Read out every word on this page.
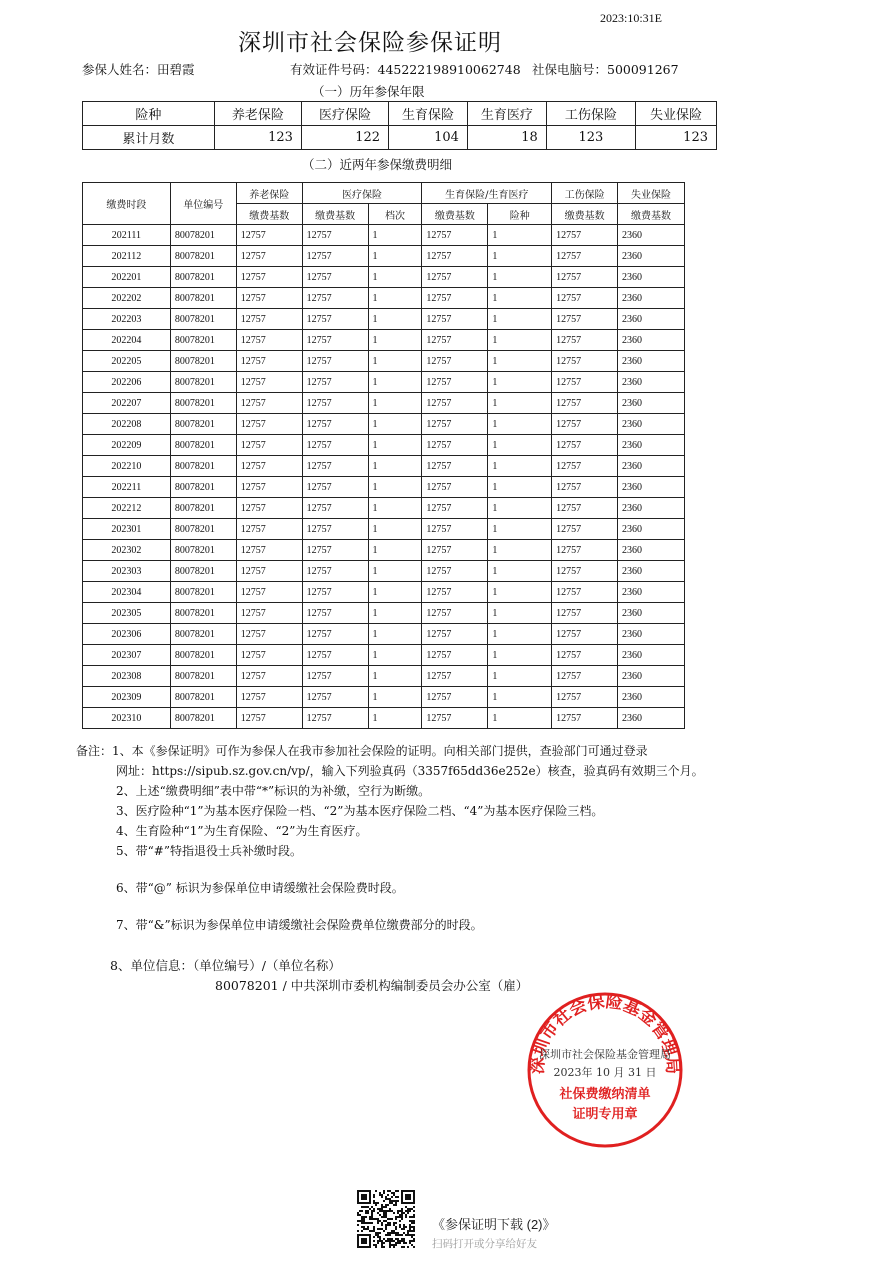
2023:10:31E
深圳市社会保险参保证明
参保人姓名：田碧霞	有效证件号码：445222198910062748 社保电脑号：500091267
（一）历年参保年限
险种	养老保险	医疗保险	生育保险	生育医疗	工伤保险	失业保险
累计月数	123	122	104	18	123	123
（二）近两年参保缴费明细
缴费时段	单位编号	养老保险	医疗保险		生育保险/生育医疗		工伤保险	失业保险
		缴费基数	缴费基数	档次	缴费基数	险种	缴费基数	缴费基数
202111	80078201	12757	12757	1	12757	1	12757	2360
202112	80078201	12757	12757	1	12757	1	12757	2360
202201	80078201	12757	12757	1	12757	1	12757	2360
202202	80078201	12757	12757	1	12757	1	12757	2360
202203	80078201	12757	12757	1	12757	1	12757	2360
202204	80078201	12757	12757	1	12757	1	12757	2360
202205	80078201	12757	12757	1	12757	1	12757	2360
202206	80078201	12757	12757	1	12757	1	12757	2360
202207	80078201	12757	12757	1	12757	1	12757	2360
202208	80078201	12757	12757	1	12757	1	12757	2360
202209	80078201	12757	12757	1	12757	1	12757	2360
202210	80078201	12757	12757	1	12757	1	12757	2360
202211	80078201	12757	12757	1	12757	1	12757	2360
202212	80078201	12757	12757	1	12757	1	12757	2360
202301	80078201	12757	12757	1	12757	1	12757	2360
202302	80078201	12757	12757	1	12757	1	12757	2360
202303	80078201	12757	12757	1	12757	1	12757	2360
202304	80078201	12757	12757	1	12757	1	12757	2360
202305	80078201	12757	12757	1	12757	1	12757	2360
202306	80078201	12757	12757	1	12757	1	12757	2360
202307	80078201	12757	12757	1	12757	1	12757	2360
202308	80078201	12757	12757	1	12757	1	12757	2360
202309	80078201	12757	12757	1	12757	1	12757	2360
202310	80078201	12757	12757	1	12757	1	12757	2360
备注：1、本《参保证明》可作为参保人在我市参加社会保险的证明。向相关部门提供，查验部门可通过登录
网址：https://sipub.sz.gov.cn/vp/，输入下列验真码（3357f65dd36e252e）核查，验真码有效期三个月。
2、上述“缴费明细”表中带“*”标识的为补缴，空行为断缴。
3、医疗险种“1”为基本医疗保险一档、“2”为基本医疗保险二档、“4”为基本医疗保险三档。
4、生育险种“1”为生育保险、“2”为生育医疗。
5、带“#”特指退役士兵补缴时段。
6、带“@” 标识为参保单位申请缓缴社会保险费时段。
7、带“&”标识为参保单位申请缓缴社会保险费单位缴费部分的时段。
8、单位信息：（单位编号）/（单位名称）
80078201 / 中共深圳市委机构编制委员会办公室（雇）
深圳市社会保险基金管理局
深圳市社会保险基金管理局
2023年 10 月 31 日
社保费缴纳清单
证明专用章
《参保证明下载 (2)》
扫码打开或分享给好友
